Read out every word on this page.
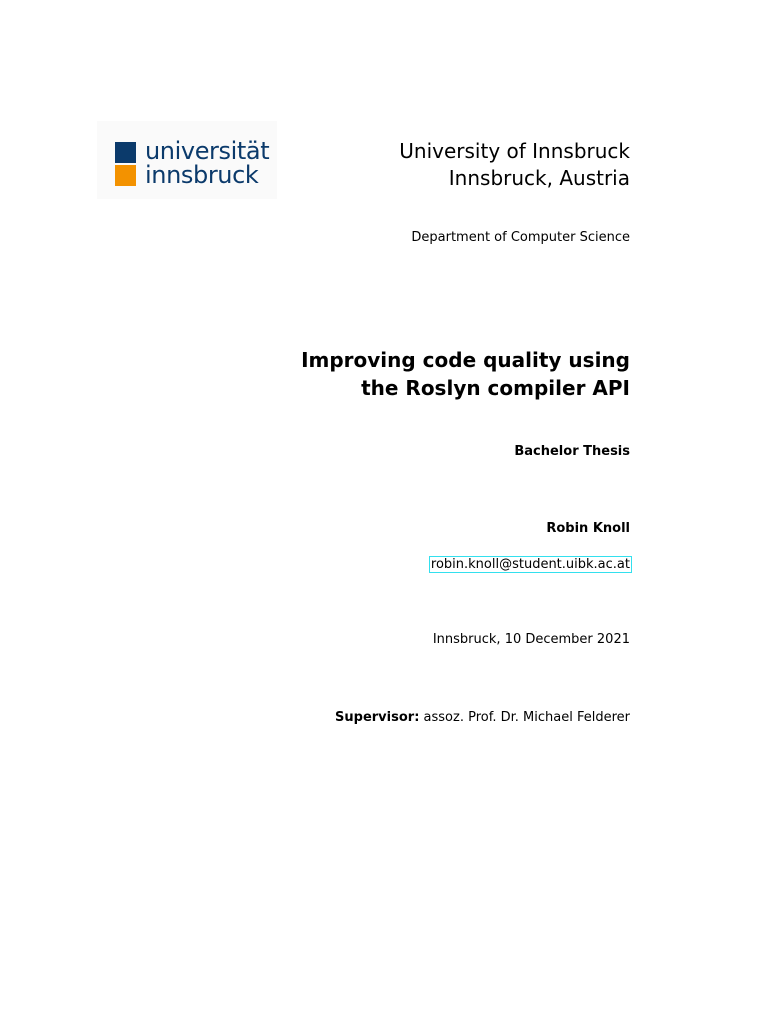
universität
innsbruck
University of Innsbruck
Innsbruck, Austria
Department of Computer Science
Improving code quality using
the Roslyn compiler API
Bachelor Thesis
Robin Knoll
robin.knoll@student.uibk.ac.at
Innsbruck, 10 December 2021
Supervisor: assoz. Prof. Dr. Michael Felderer
